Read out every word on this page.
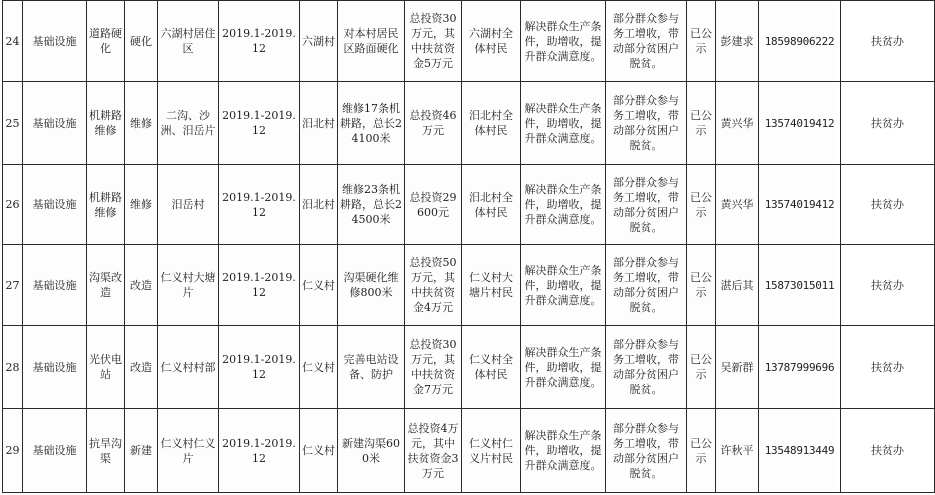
24	基础设施	道路硬化	硬化	六湖村居住区	2019.1-2019.12	六湖村	对本村居民区路面硬化	总投资30万元，其中扶贫资金5万元	六湖村全体村民	解决群众生产条件，助增收，提升群众满意度。	部分群众参与务工增收，带动部分贫困户脱贫。	已公示	彭建求	18598906222	扶贫办
25	基础设施	机耕路维修	维修	二沟、沙洲、汨岳片	2019.1-2019.12	汨北村	维修17条机耕路，总长24100米	总投资46万元	汨北村全体村民	解决群众生产条件，助增收，提升群众满意度。	部分群众参与务工增收，带动部分贫困户脱贫。	已公示	黄兴华	13574019412	扶贫办
26	基础设施	机耕路维修	维修	汨岳村	2019.1-2019.12	汨北村	维修23条机耕路，总长24500米	总投资29600元	汨北村全体村民	解决群众生产条件，助增收，提升群众满意度。	部分群众参与务工增收，带动部分贫困户脱贫。	已公示	黄兴华	13574019412	扶贫办
27	基础设施	沟渠改造	改造	仁义村大塘片	2019.1-2019.12	仁义村	沟渠硬化维修800米	总投资50万元，其中扶贫资金4万元	仁义村大塘片村民	解决群众生产条件，助增收，提升群众满意度。	部分群众参与务工增收，带动部分贫困户脱贫。	已公示	湛后其	15873015011	扶贫办
28	基础设施	光伏电站	改造	仁义村村部	2019.1-2019.12	仁义村	完善电站设备、防护	总投资30万元，其中扶贫资金7万元	仁义村全体村民	解决群众生产条件，助增收，提升群众满意度。	部分群众参与务工增收，带动部分贫困户脱贫。	已公示	吴新群	13787999696	扶贫办
29	基础设施	抗旱沟渠	新建	仁义村仁义片	2019.1-2019.12	仁义村	新建沟渠600米	总投资4万元，其中扶贫资金3万元	仁义村仁义片村民	解决群众生产条件，助增收，提升群众满意度。	部分群众参与务工增收，带动部分贫困户脱贫。	已公示	许秋平	13548913449	扶贫办
